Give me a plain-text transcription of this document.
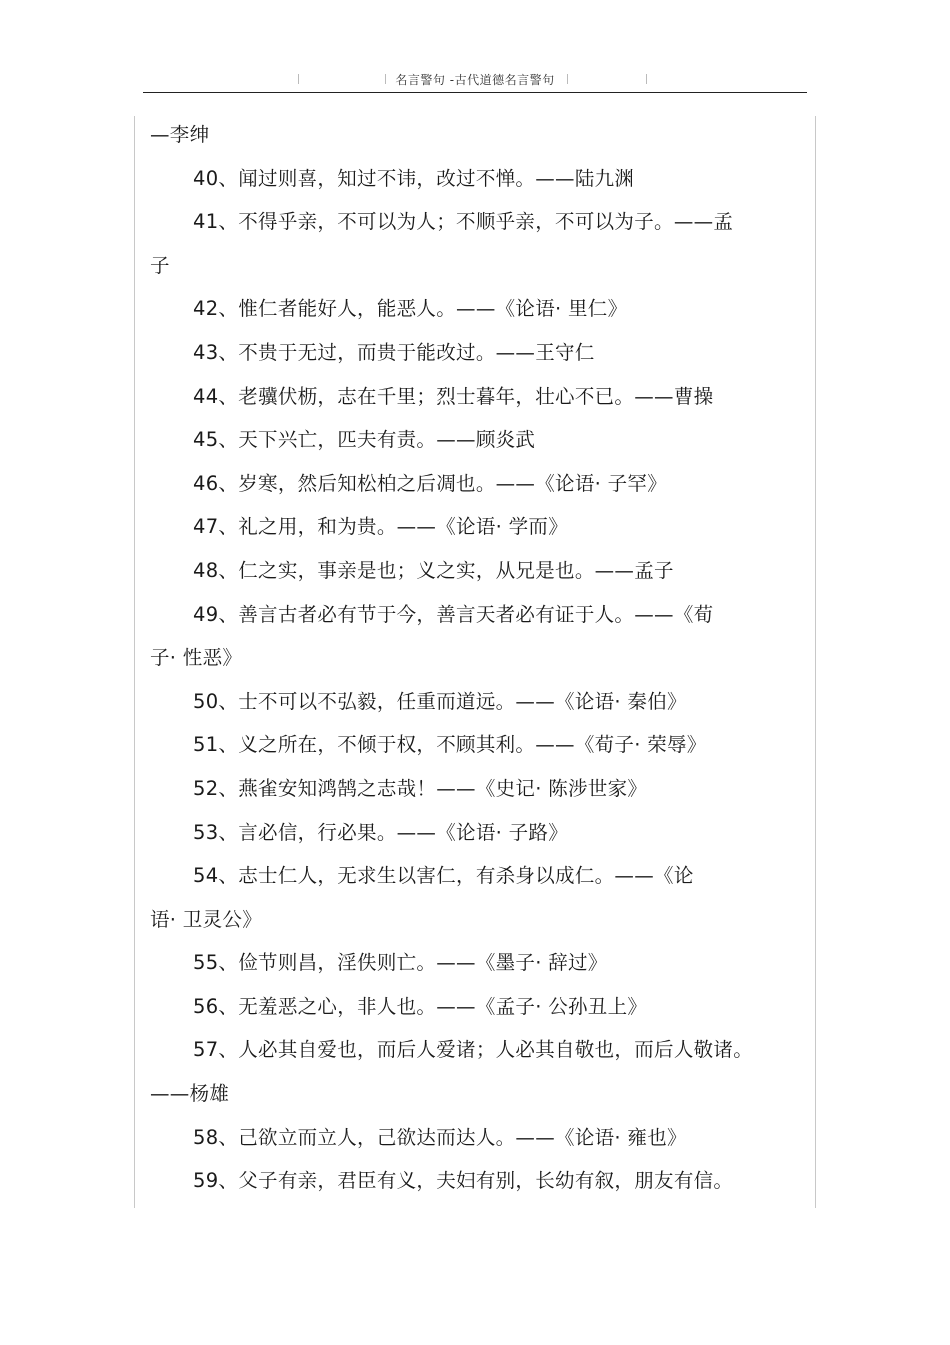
名言警句 -古代道德名言警句
—李绅
40、闻过则喜，知过不讳，改过不惮。——陆九渊
41、不得乎亲，不可以为人；不顺乎亲，不可以为子。——孟
子
42、惟仁者能好人，能恶人。——《论语· 里仁》
43、不贵于无过，而贵于能改过。——王守仁
44、老骥伏枥，志在千里；烈士暮年，壮心不已。——曹操
45、天下兴亡，匹夫有责。——顾炎武
46、岁寒，然后知松柏之后凋也。——《论语· 子罕》
47、礼之用，和为贵。——《论语· 学而》
48、仁之实，事亲是也；义之实，从兄是也。——孟子
49、善言古者必有节于今，善言天者必有证于人。——《荀
子· 性恶》
50、士不可以不弘毅，任重而道远。——《论语· 秦伯》
51、义之所在，不倾于权，不顾其利。——《荀子· 荣辱》
52、燕雀安知鸿鹄之志哉！——《史记· 陈涉世家》
53、言必信，行必果。——《论语· 子路》
54、志士仁人，无求生以害仁，有杀身以成仁。——《论
语· 卫灵公》
55、俭节则昌，淫佚则亡。——《墨子· 辞过》
56、无羞恶之心，非人也。——《孟子· 公孙丑上》
57、人必其自爱也，而后人爱诸；人必其自敬也，而后人敬诸。
——杨雄
58、己欲立而立人，己欲达而达人。——《论语· 雍也》
59、父子有亲，君臣有义，夫妇有别，长幼有叙，朋友有信。
